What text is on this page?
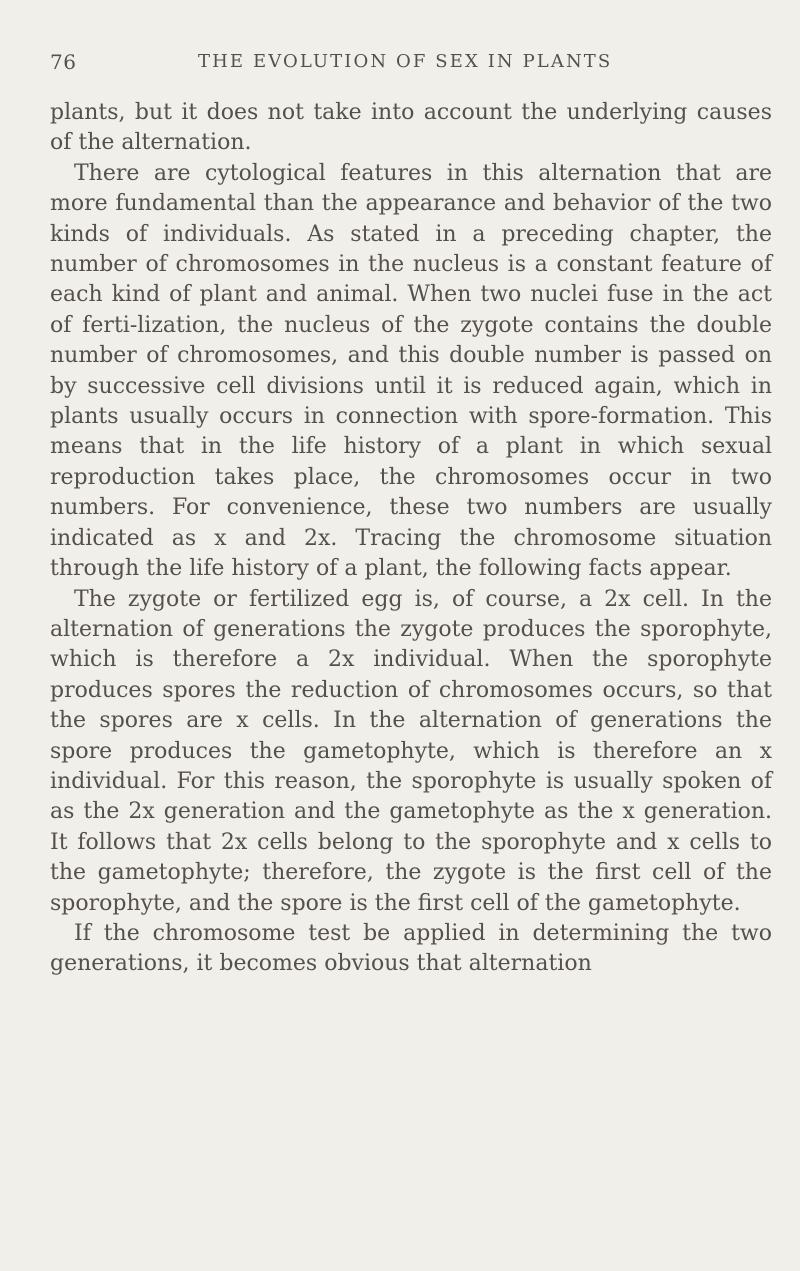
76	THE EVOLUTION OF SEX IN PLANTS

plants, but it does not take into account the underlying causes of the alternation.

There are cytological features in this alternation that are more fundamental than the appearance and behavior of the two kinds of individuals. As stated in a preceding chapter, the number of chromosomes in the nucleus is a constant feature of each kind of plant and animal. When two nuclei fuse in the act of ferti-lization, the nucleus of the zygote contains the double number of chromosomes, and this double number is passed on by successive cell divisions until it is reduced again, which in plants usually occurs in connection with spore-formation. This means that in the life history of a plant in which sexual reproduction takes place, the chromosomes occur in two numbers. For convenience, these two numbers are usually indicated as x and 2x. Tracing the chromosome situation through the life history of a plant, the following facts appear.

The zygote or fertilized egg is, of course, a 2x cell. In the alternation of generations the zygote produces the sporophyte, which is therefore a 2x individual. When the sporophyte produces spores the reduction of chromosomes occurs, so that the spores are x cells. In the alternation of generations the spore produces the gametophyte, which is therefore an x individual. For this reason, the sporophyte is usually spoken of as the 2x generation and the gametophyte as the x generation. It follows that 2x cells belong to the sporophyte and x cells to the gametophyte; therefore, the zygote is the first cell of the sporophyte, and the spore is the first cell of the gametophyte.

If the chromosome test be applied in determining the two generations, it becomes obvious that alternation
